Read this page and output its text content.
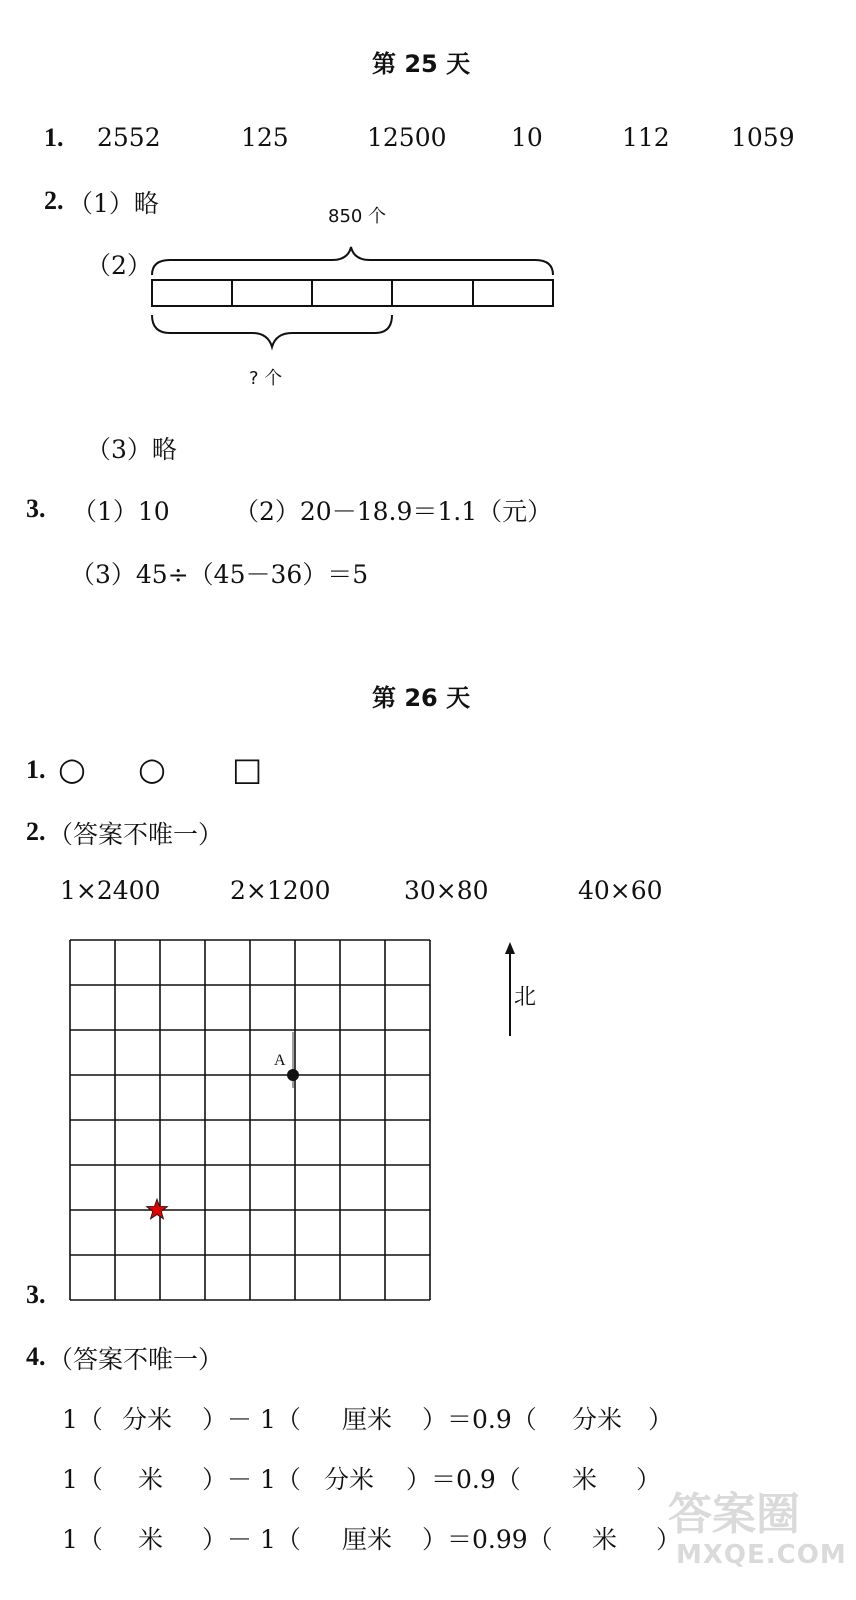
第 25 天
1. 2552	125	12500	10	112 1059
2. （1）略
（2）
850 个
? 个
（3）略
3. （1）10	（2）20－18.9＝1.1（元）
（3）45÷（45－36）＝5
第 26 天
1. ○ ○ □
2. （答案不唯一）
1×2400	2×1200	30×80	40×60
A
北
3.
4. （答案不唯一）
1（ 分米 ）－ 1（ 厘米 ）＝0.9（ 分米 ）
1（ 米 ）－ 1（ 分米 ）＝0.9（ 米 ）
1（ 米 ）－ 1（ 厘米 ）＝0.99（ 米 ）
答案圈
MXQE.COM
